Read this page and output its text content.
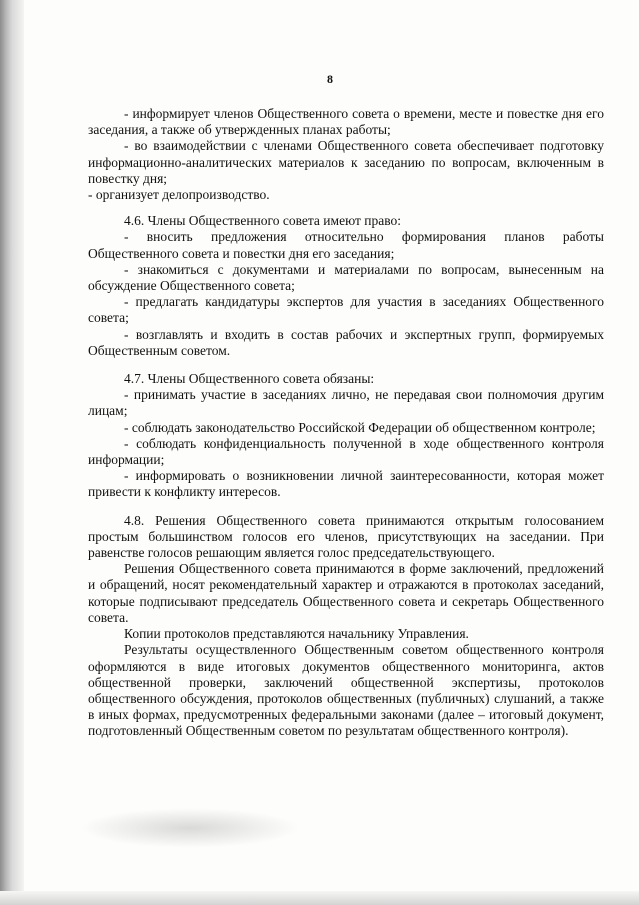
8

- информирует членов Общественного совета о времени, месте и повестке дня его заседания, а также об утвержденных планах работы;

- во взаимодействии с членами Общественного совета обеспечивает подготовку информационно-аналитических материалов к заседанию по вопросам, включенным в повестку дня;

- организует делопроизводство.

4.6. Члены Общественного совета имеют право:

- вносить предложения относительно формирования планов работы Общественного совета и повестки дня его заседания;

- знакомиться с документами и материалами по вопросам, вынесенным на обсуждение Общественного совета;

- предлагать кандидатуры экспертов для участия в заседаниях Общественного совета;

- возглавлять и входить в состав рабочих и экспертных групп, формируемых Общественным советом.

4.7. Члены Общественного совета обязаны:

- принимать участие в заседаниях лично, не передавая свои полномочия другим лицам;

- соблюдать законодательство Российской Федерации об общественном контроле;

- соблюдать конфиденциальность полученной в ходе общественного контроля информации;

- информировать о возникновении личной заинтересованности, которая может привести к конфликту интересов.

4.8. Решения Общественного совета принимаются открытым голосованием простым большинством голосов его членов, присутствующих на заседании. При равенстве голосов решающим является голос председательствующего.

Решения Общественного совета принимаются в форме заключений, предложений и обращений, носят рекомендательный характер и отражаются в протоколах заседаний, которые подписывают председатель Общественного совета и секретарь Общественного совета.

Копии протоколов представляются начальнику Управления.

Результаты осуществленного Общественным советом общественного контроля оформляются в виде итоговых документов общественного мониторинга, актов общественной проверки, заключений общественной экспертизы, протоколов общественного обсуждения, протоколов общественных (публичных) слушаний, а также в иных формах, предусмотренных федеральными законами (далее – итоговый документ, подготовленный Общественным советом по результатам общественного контроля).
